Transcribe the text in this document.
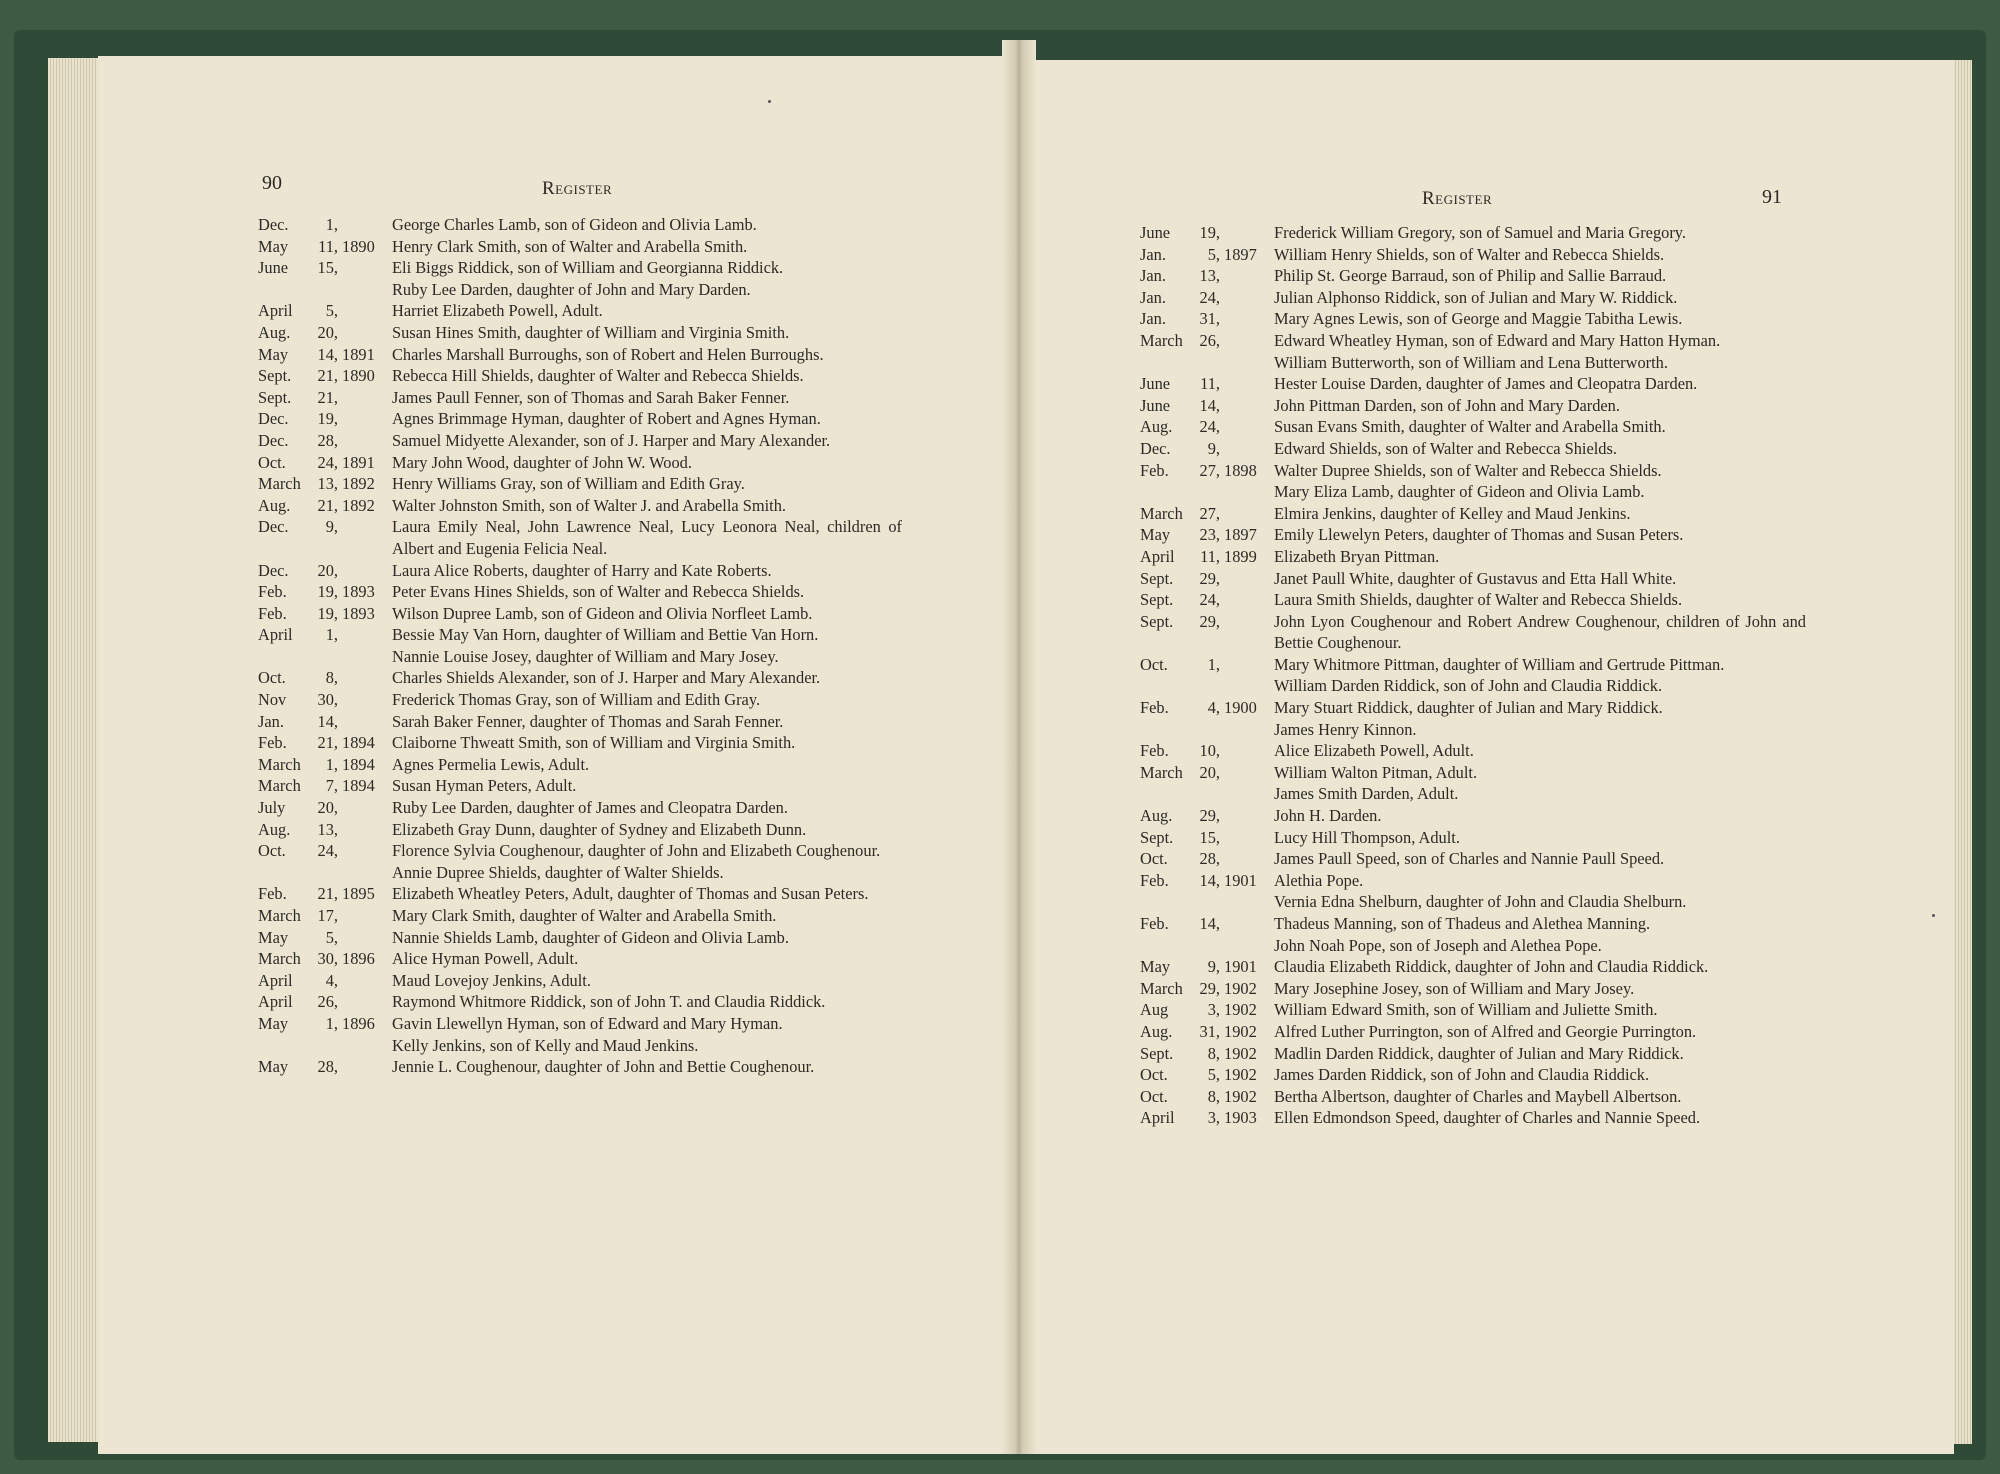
90	Register
Dec.	1,	George Charles Lamb, son of Gideon and Olivia Lamb.
May	11, 1890	Henry Clark Smith, son of Walter and Arabella Smith.
June	15,	Eli Biggs Riddick, son of William and Georgianna Riddick.
Ruby Lee Darden, daughter of John and Mary Darden.
April	5,	Harriet Elizabeth Powell, Adult.
Aug.	20,	Susan Hines Smith, daughter of William and Virginia Smith.
May	14, 1891	Charles Marshall Burroughs, son of Robert and Helen Burroughs.
Sept.	21, 1890	Rebecca Hill Shields, daughter of Walter and Rebecca Shields.
Sept.	21,	James Paull Fenner, son of Thomas and Sarah Baker Fenner.
Dec.	19,	Agnes Brimmage Hyman, daughter of Robert and Agnes Hyman.
Dec.	28,	Samuel Midyette Alexander, son of J. Harper and Mary Alexander.
Oct.	24, 1891	Mary John Wood, daughter of John W. Wood.
March	13, 1892	Henry Williams Gray, son of William and Edith Gray.
Aug.	21, 1892	Walter Johnston Smith, son of Walter J. and Arabella Smith.
Dec.	9,	Laura Emily Neal, John Lawrence Neal, Lucy Leonora Neal, children of Albert and Eugenia Felicia Neal.
Dec.	20,	Laura Alice Roberts, daughter of Harry and Kate Roberts.
Feb.	19, 1893	Peter Evans Hines Shields, son of Walter and Rebecca Shields.
Feb.	19, 1893	Wilson Dupree Lamb, son of Gideon and Olivia Norfleet Lamb.
April	1,	Bessie May Van Horn, daughter of William and Bettie Van Horn.
Nannie Louise Josey, daughter of William and Mary Josey.
Oct.	8,	Charles Shields Alexander, son of J. Harper and Mary Alexander.
Nov	30,	Frederick Thomas Gray, son of William and Edith Gray.
Jan.	14,	Sarah Baker Fenner, daughter of Thomas and Sarah Fenner.
Feb.	21, 1894	Claiborne Thweatt Smith, son of William and Virginia Smith.
March	1, 1894	Agnes Permelia Lewis, Adult.
March	7, 1894	Susan Hyman Peters, Adult.
July	20,	Ruby Lee Darden, daughter of James and Cleopatra Darden.
Aug.	13,	Elizabeth Gray Dunn, daughter of Sydney and Elizabeth Dunn.
Oct.	24,	Florence Sylvia Coughenour, daughter of John and Elizabeth Coughenour.
Annie Dupree Shields, daughter of Walter Shields.
Feb.	21, 1895	Elizabeth Wheatley Peters, Adult, daughter of Thomas and Susan Peters.
March	17,	Mary Clark Smith, daughter of Walter and Arabella Smith.
May	5,	Nannie Shields Lamb, daughter of Gideon and Olivia Lamb.
March	30, 1896	Alice Hyman Powell, Adult.
April	4,	Maud Lovejoy Jenkins, Adult.
April	26,	Raymond Whitmore Riddick, son of John T. and Claudia Riddick.
May	1, 1896	Gavin Llewellyn Hyman, son of Edward and Mary Hyman.
Kelly Jenkins, son of Kelly and Maud Jenkins.
May	28,	Jennie L. Coughenour, daughter of John and Bettie Coughenour.
Register	91
June	19,	Frederick William Gregory, son of Samuel and Maria Gregory.
Jan.	5, 1897	William Henry Shields, son of Walter and Rebecca Shields.
Jan.	13,	Philip St. George Barraud, son of Philip and Sallie Barraud.
Jan.	24,	Julian Alphonso Riddick, son of Julian and Mary W. Riddick.
Jan.	31,	Mary Agnes Lewis, son of George and Maggie Tabitha Lewis.
March	26,	Edward Wheatley Hyman, son of Edward and Mary Hatton Hyman.
William Butterworth, son of William and Lena Butterworth.
June	11,	Hester Louise Darden, daughter of James and Cleopatra Darden.
June	14,	John Pittman Darden, son of John and Mary Darden.
Aug.	24,	Susan Evans Smith, daughter of Walter and Arabella Smith.
Dec.	9,	Edward Shields, son of Walter and Rebecca Shields.
Feb.	27, 1898	Walter Dupree Shields, son of Walter and Rebecca Shields.
Mary Eliza Lamb, daughter of Gideon and Olivia Lamb.
March	27,	Elmira Jenkins, daughter of Kelley and Maud Jenkins.
May	23, 1897	Emily Llewelyn Peters, daughter of Thomas and Susan Peters.
April	11, 1899	Elizabeth Bryan Pittman.
Sept.	29,	Janet Paull White, daughter of Gustavus and Etta Hall White.
Sept.	24,	Laura Smith Shields, daughter of Walter and Rebecca Shields.
Sept.	29,	John Lyon Coughenour and Robert Andrew Coughenour, children of John and Bettie Coughenour.
Oct.	1,	Mary Whitmore Pittman, daughter of William and Gertrude Pittman.
William Darden Riddick, son of John and Claudia Riddick.
Feb.	4, 1900	Mary Stuart Riddick, daughter of Julian and Mary Riddick.
James Henry Kinnon.
Feb.	10,	Alice Elizabeth Powell, Adult.
March	20,	William Walton Pitman, Adult.
James Smith Darden, Adult.
Aug.	29,	John H. Darden.
Sept.	15,	Lucy Hill Thompson, Adult.
Oct.	28,	James Paull Speed, son of Charles and Nannie Paull Speed.
Feb.	14, 1901	Alethia Pope.
Vernia Edna Shelburn, daughter of John and Claudia Shelburn.
Feb.	14,	Thadeus Manning, son of Thadeus and Alethea Manning.
John Noah Pope, son of Joseph and Alethea Pope.
May	9, 1901	Claudia Elizabeth Riddick, daughter of John and Claudia Riddick.
March	29, 1902	Mary Josephine Josey, son of William and Mary Josey.
Aug	3, 1902	William Edward Smith, son of William and Juliette Smith.
Aug.	31, 1902	Alfred Luther Purrington, son of Alfred and Georgie Purrington.
Sept.	8, 1902	Madlin Darden Riddick, daughter of Julian and Mary Riddick.
Oct.	5, 1902	James Darden Riddick, son of John and Claudia Riddick.
Oct.	8, 1902	Bertha Albertson, daughter of Charles and Maybell Albertson.
April	3, 1903	Ellen Edmondson Speed, daughter of Charles and Nannie Speed.
